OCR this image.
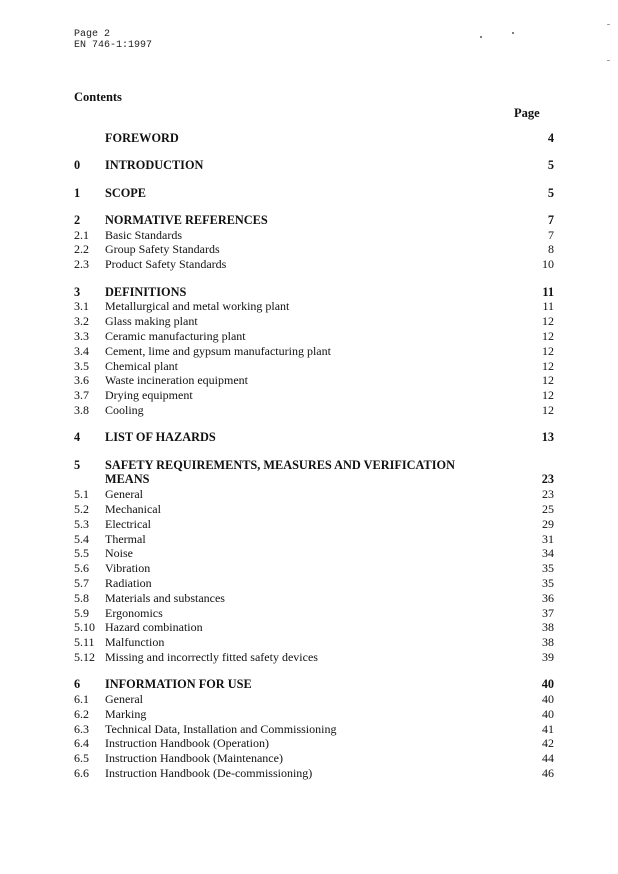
Page 2
EN 746-1:1997
Contents
Page
FOREWORD	4
0 INTRODUCTION	5
1 SCOPE	5
2 NORMATIVE REFERENCES	7
2.1 Basic Standards	7
2.2 Group Safety Standards	8
2.3 Product Safety Standards	10
3 DEFINITIONS	11
3.1 Metallurgical and metal working plant	11
3.2 Glass making plant	12
3.3 Ceramic manufacturing plant	12
3.4 Cement, lime and gypsum manufacturing plant	12
3.5 Chemical plant	12
3.6 Waste incineration equipment	12
3.7 Drying equipment	12
3.8 Cooling	12
4 LIST OF HAZARDS	13
5 SAFETY REQUIREMENTS, MEASURES AND VERIFICATION
MEANS	23
5.1 General	23
5.2 Mechanical	25
5.3 Electrical	29
5.4 Thermal	31
5.5 Noise	34
5.6 Vibration	35
5.7 Radiation	35
5.8 Materials and substances	36
5.9 Ergonomics	37
5.10 Hazard combination	38
5.11 Malfunction	38
5.12 Missing and incorrectly fitted safety devices	39
6 INFORMATION FOR USE	40
6.1 General	40
6.2 Marking	40
6.3 Technical Data, Installation and Commissioning	41
6.4 Instruction Handbook (Operation)	42
6.5 Instruction Handbook (Maintenance)	44
6.6 Instruction Handbook (De-commissioning)	46
